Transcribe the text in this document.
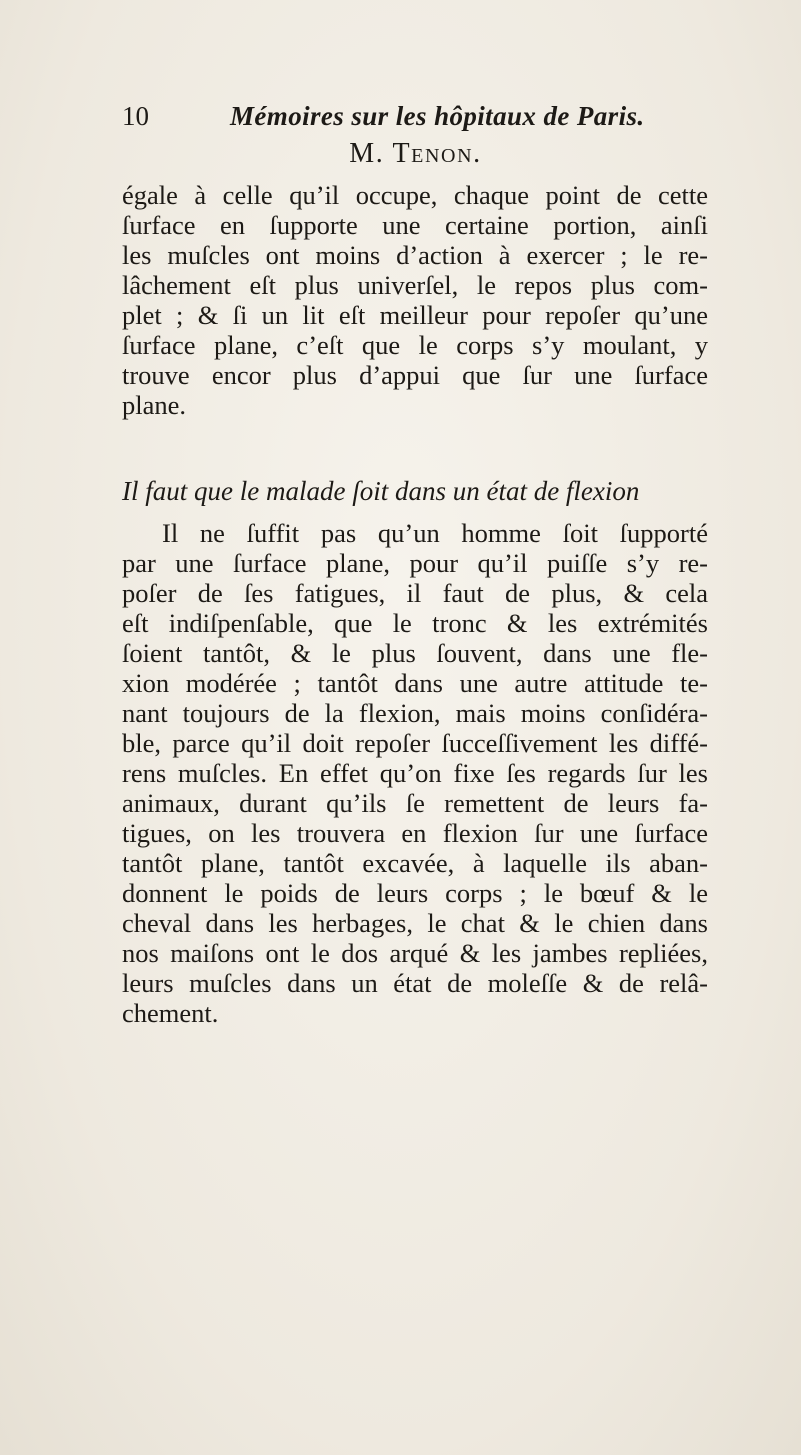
10	Mémoires sur les hôpitaux de Paris.
M. Tenon.
égale à celle qu’il occupe, chaque point de cette
ſurface en ſupporte une certaine portion, ainſi
les muſcles ont moins d’action à exercer ; le re-
lâchement eſt plus univerſel, le repos plus com-
plet ; & ſi un lit eſt meilleur pour repoſer qu’une
ſurface plane, c’eſt que le corps s’y moulant, y
trouve encor plus d’appui que ſur une ſurface
plane.
Il faut que le malade ſoit dans un état de flexion
Il ne ſuffit pas qu’un homme ſoit ſupporté
par une ſurface plane, pour qu’il puiſſe s’y re-
poſer de ſes fatigues, il faut de plus, & cela
eſt indiſpenſable, que le tronc & les extrémités
ſoient tantôt, & le plus ſouvent, dans une fle-
xion modérée ; tantôt dans une autre attitude te-
nant toujours de la flexion, mais moins conſidéra-
ble, parce qu’il doit repoſer ſucceſſivement les diffé-
rens muſcles. En effet qu’on fixe ſes regards ſur les
animaux, durant qu’ils ſe remettent de leurs fa-
tigues, on les trouvera en flexion ſur une ſurface
tantôt plane, tantôt excavée, à laquelle ils aban-
donnent le poids de leurs corps ; le bœuf & le
cheval dans les herbages, le chat & le chien dans
nos maiſons ont le dos arqué & les jambes repliées,
leurs muſcles dans un état de moleſſe & de relâ-
chement.
